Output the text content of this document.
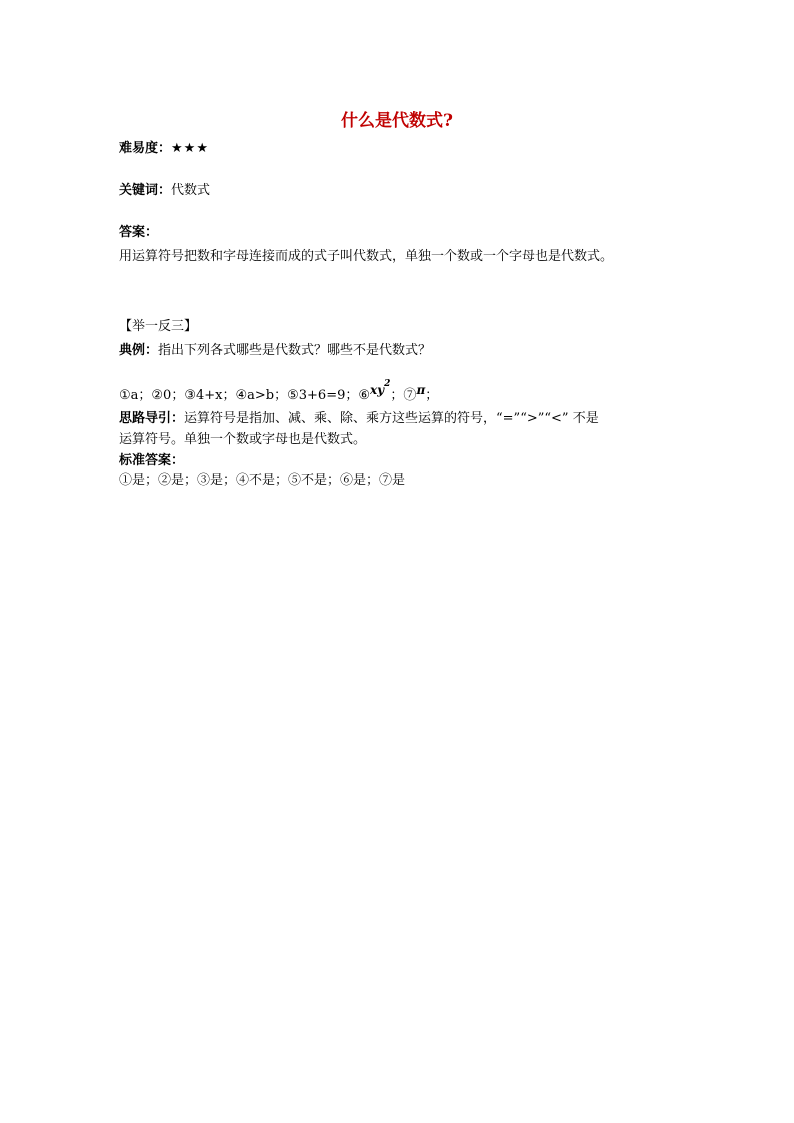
什么是代数式?
难易度：★★★
关键词：代数式
答案：
用运算符号把数和字母连接而成的式子叫代数式，单独一个数或一个字母也是代数式。
【举一反三】
典例：指出下列各式哪些是代数式？哪些不是代数式？
①a；②0；③4+x；④a>b；⑤3+6=9；$⑥xy^2$；⑦π；

思路导引：运算符号是指加、减、乘、除、乘方这些运算的符号，“=”“>”“<” 不是

运算符号。单独一个数或字母也是代数式。

标准答案：
①是；②是；③是；④不是；⑤不是；⑥是；⑦是
